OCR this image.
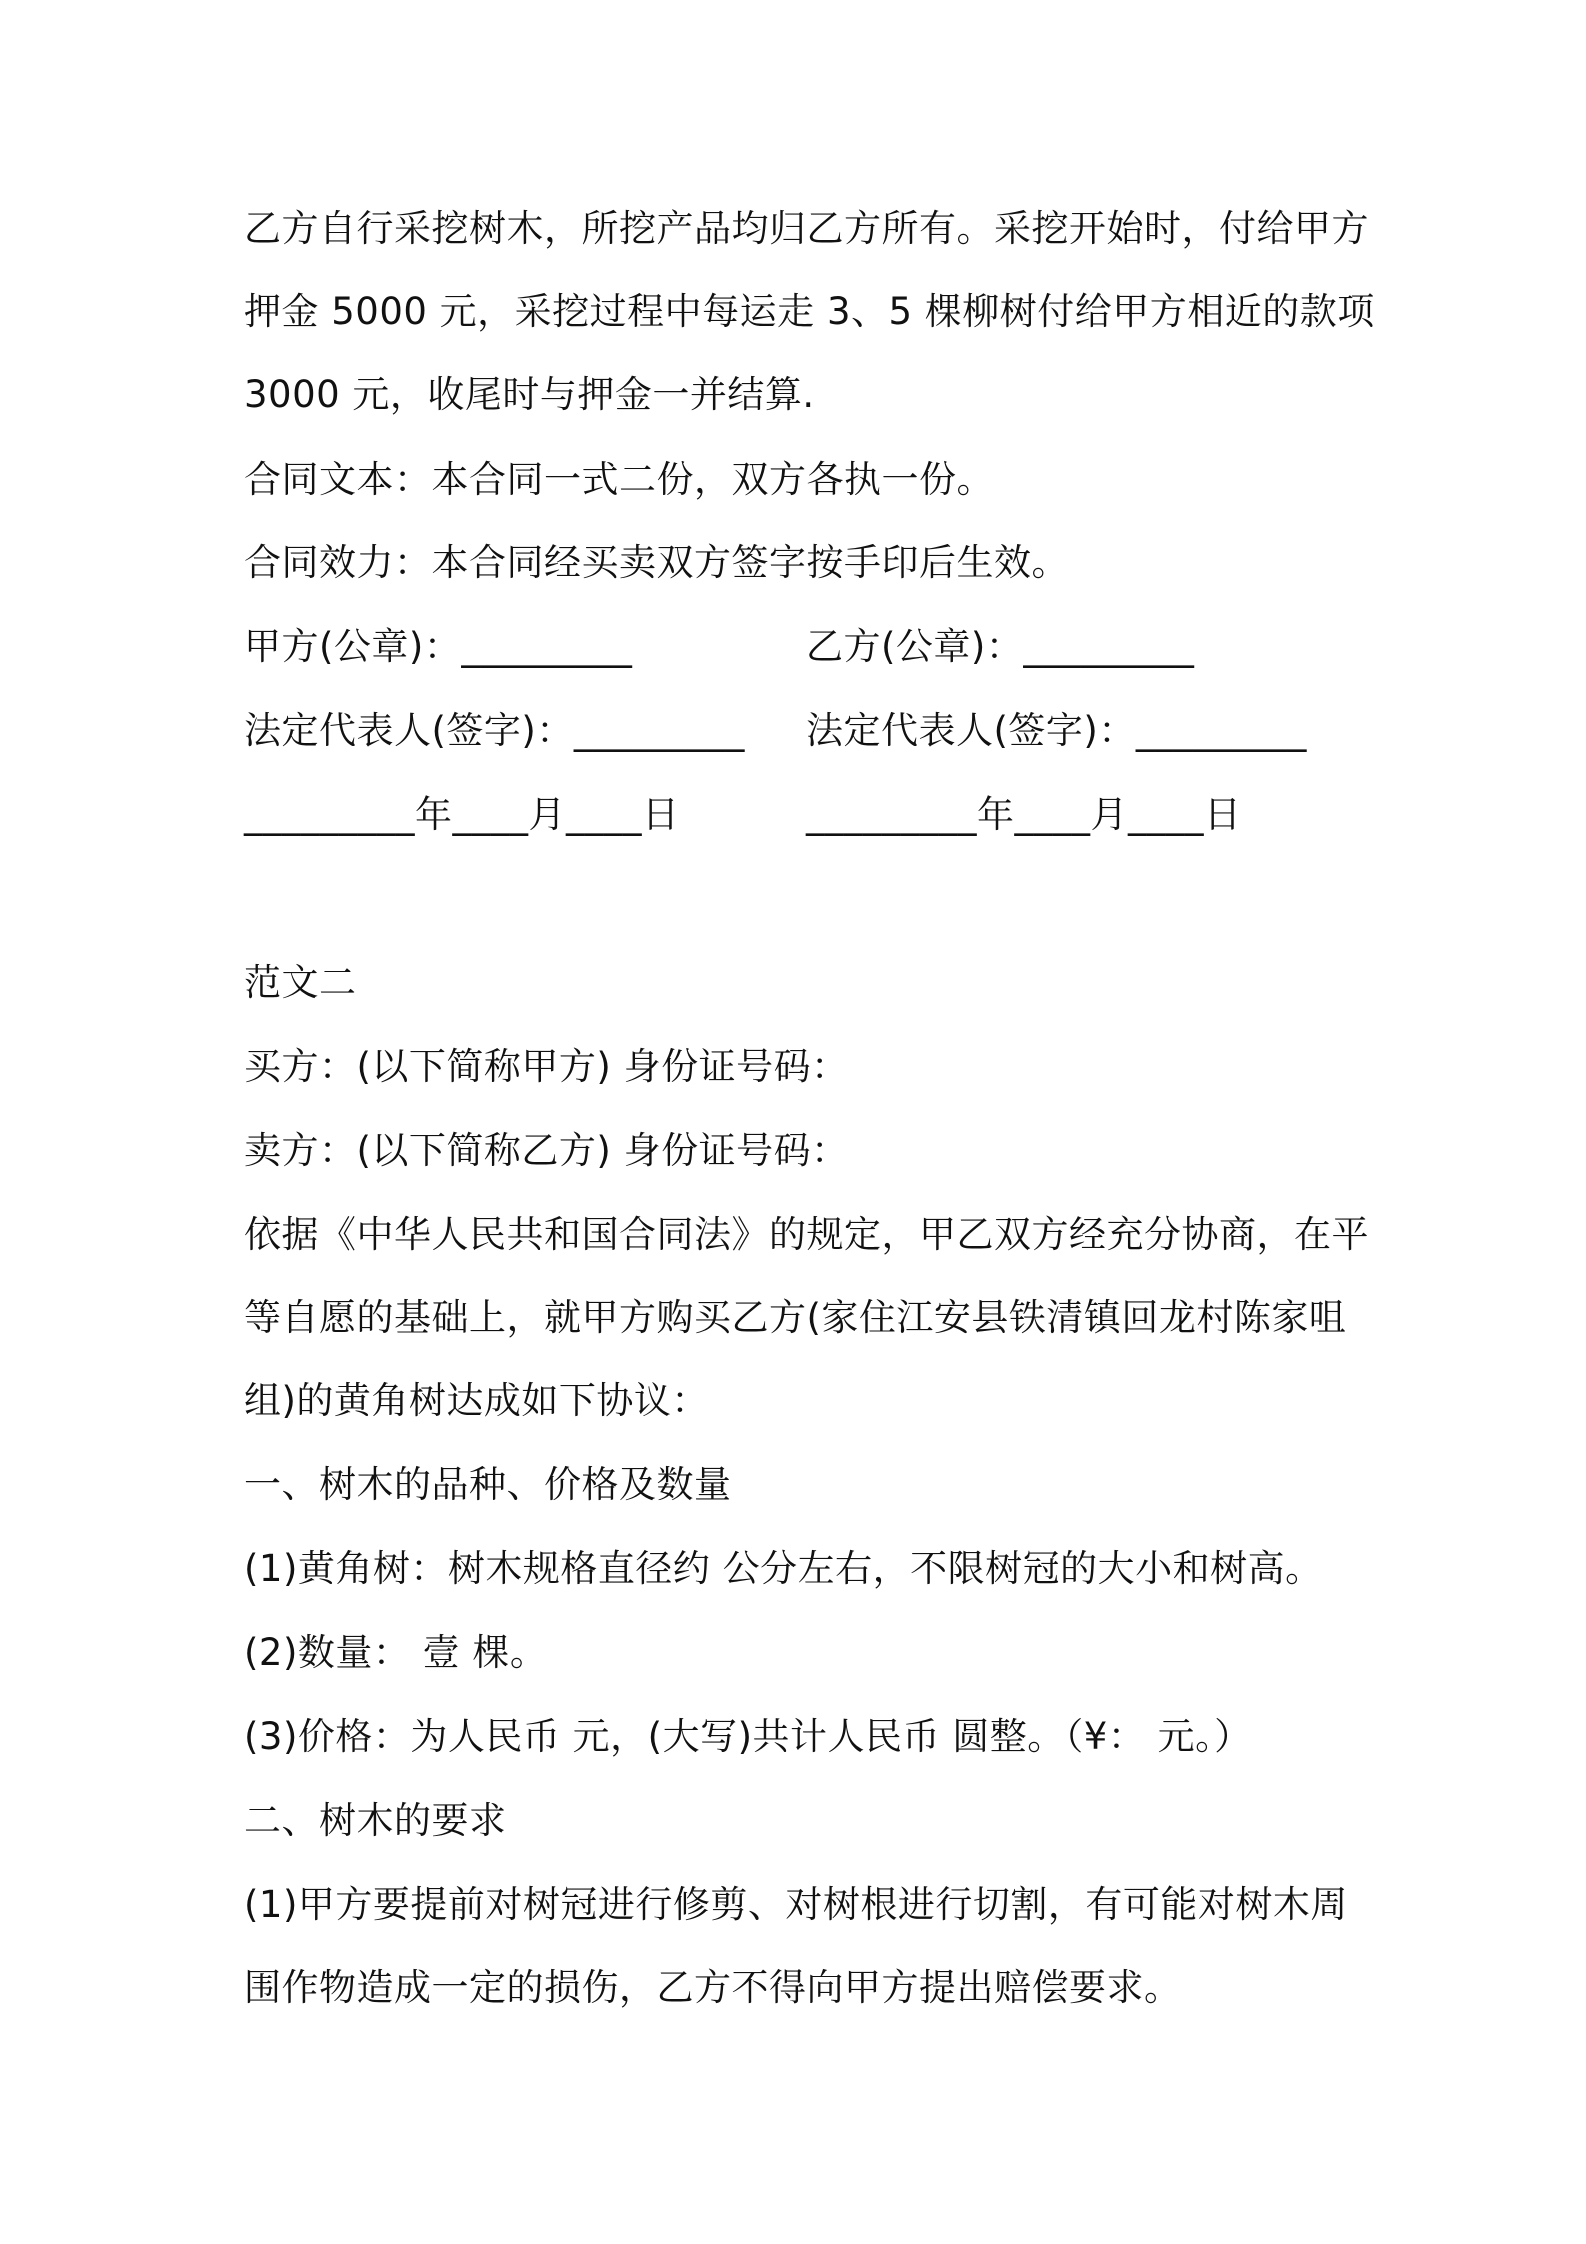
乙方自行采挖树木，所挖产品均归乙方所有。采挖开始时，付给甲方
押金 5000 元，采挖过程中每运走 3、5 棵柳树付给甲方相近的款项
3000 元，收尾时与押金一并结算.
合同文本：本合同一式二份，双方各执一份。
合同效力：本合同经买卖双方签字按手印后生效。
甲方(公章)：_________	乙方(公章)：_________
法定代表人(签字)：_________	法定代表人(签字)：_________
_________年____月____日	_________年____月____日
范文二
买方：(以下简称甲方) 身份证号码：
卖方：(以下简称乙方) 身份证号码：
依据《中华人民共和国合同法》的规定，甲乙双方经充分协商，在平
等自愿的基础上，就甲方购买乙方(家住江安县铁清镇回龙村陈家咀
组)的黄角树达成如下协议：
一、树木的品种、价格及数量
(1)黄角树：树木规格直径约 公分左右，不限树冠的大小和树高。
(2)数量： 壹 棵。
(3)价格：为人民币 元，(大写)共计人民币 圆整。（¥： 元。）
二、树木的要求
(1)甲方要提前对树冠进行修剪、对树根进行切割，有可能对树木周
围作物造成一定的损伤，乙方不得向甲方提出赔偿要求。
